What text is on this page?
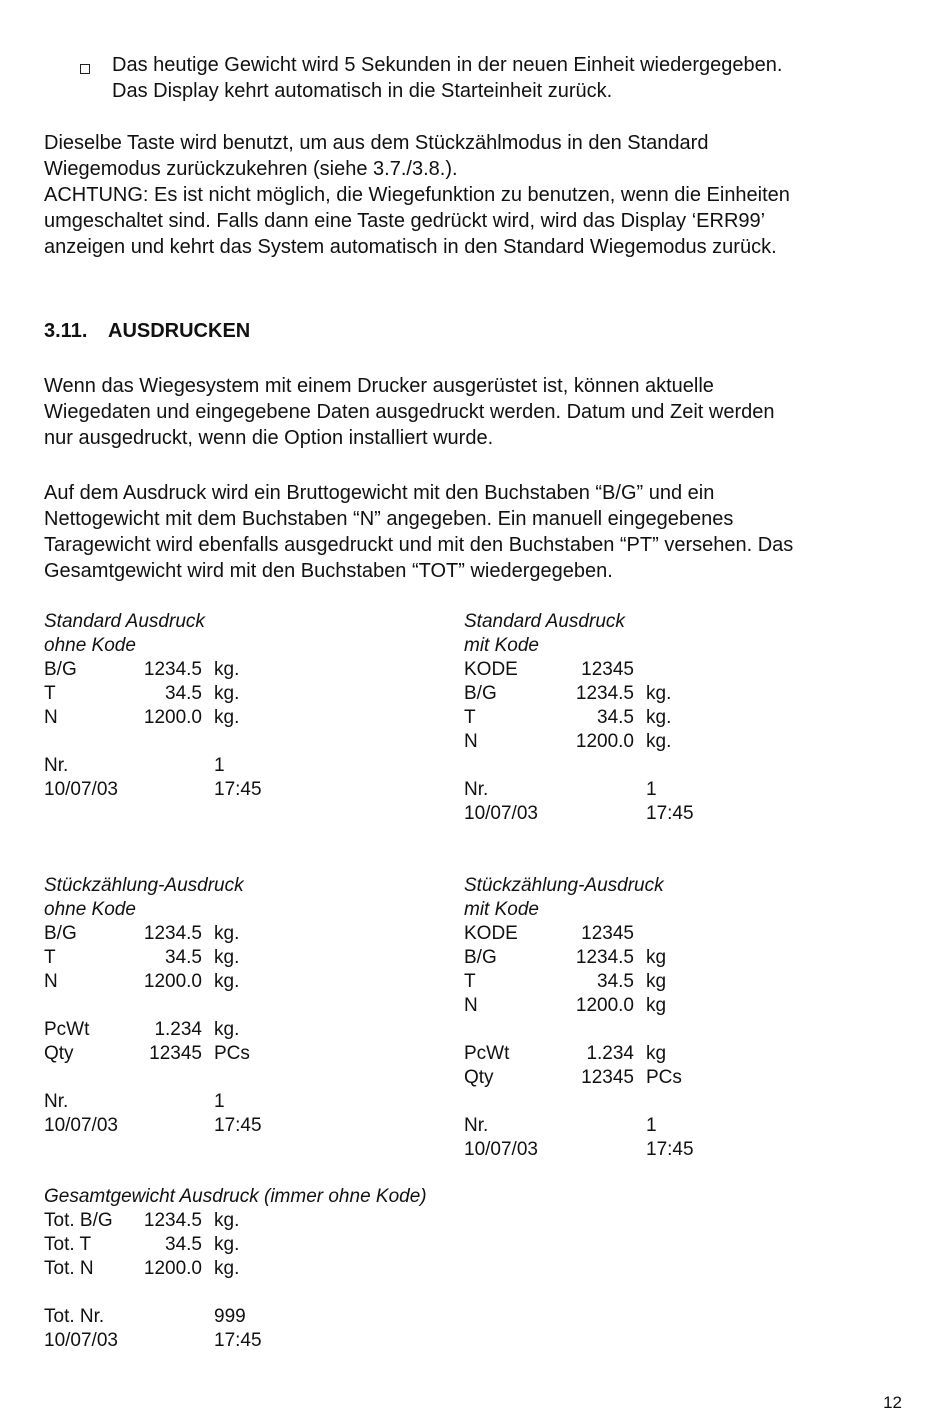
Das heutige Gewicht wird 5 Sekunden in der neuen Einheit wiedergegeben.
Das Display kehrt automatisch in die Starteinheit zurück.
Dieselbe Taste wird benutzt, um aus dem Stückzählmodus in den Standard
Wiegemodus zurückzukehren (siehe 3.7./3.8.).
ACHTUNG: Es ist nicht möglich, die Wiegefunktion zu benutzen, wenn die Einheiten
umgeschaltet sind. Falls dann eine Taste gedrückt wird, wird das Display ‘ERR99’
anzeigen und kehrt das System automatisch in den Standard Wiegemodus zurück.
3.11. AUSDRUCKEN
Wenn das Wiegesystem mit einem Drucker ausgerüstet ist, können aktuelle
Wiegedaten und eingegebene Daten ausgedruckt werden. Datum und Zeit werden
nur ausgedruckt, wenn die Option installiert wurde.
Auf dem Ausdruck wird ein Bruttogewicht mit den Buchstaben “B/G” und ein
Nettogewicht mit dem Buchstaben “N” angegeben. Ein manuell eingegebenes
Taragewicht wird ebenfalls ausgedruckt und mit den Buchstaben “PT” versehen. Das
Gesamtgewicht wird mit den Buchstaben “TOT” wiedergegeben.
Standard Ausdruck
ohne Kode
B/G	1234.5 kg.
T	34.5 kg.
N	1200.0 kg.
Nr.	1
10/07/03	17:45
Standard Ausdruck
mit Kode
KODE	12345
B/G	1234.5 kg.
T	34.5 kg.
N	1200.0 kg.
Nr.	1
10/07/03	17:45
Stückzählung-Ausdruck
ohne Kode
B/G	1234.5 kg.
T	34.5 kg.
N	1200.0 kg.
PcWt	1.234 kg.
Qty	12345 PCs
Nr.	1
10/07/03	17:45
Stückzählung-Ausdruck
mit Kode
KODE	12345
B/G	1234.5 kg
T	34.5 kg
N	1200.0 kg
PcWt	1.234 kg
Qty	12345 PCs
Nr.	1
10/07/03	17:45
Gesamtgewicht Ausdruck (immer ohne Kode)
Tot. B/G 1234.5 kg.
Tot. T	34.5 kg.
Tot. N	1200.0 kg.
Tot. Nr.	999
10/07/03	17:45
12
